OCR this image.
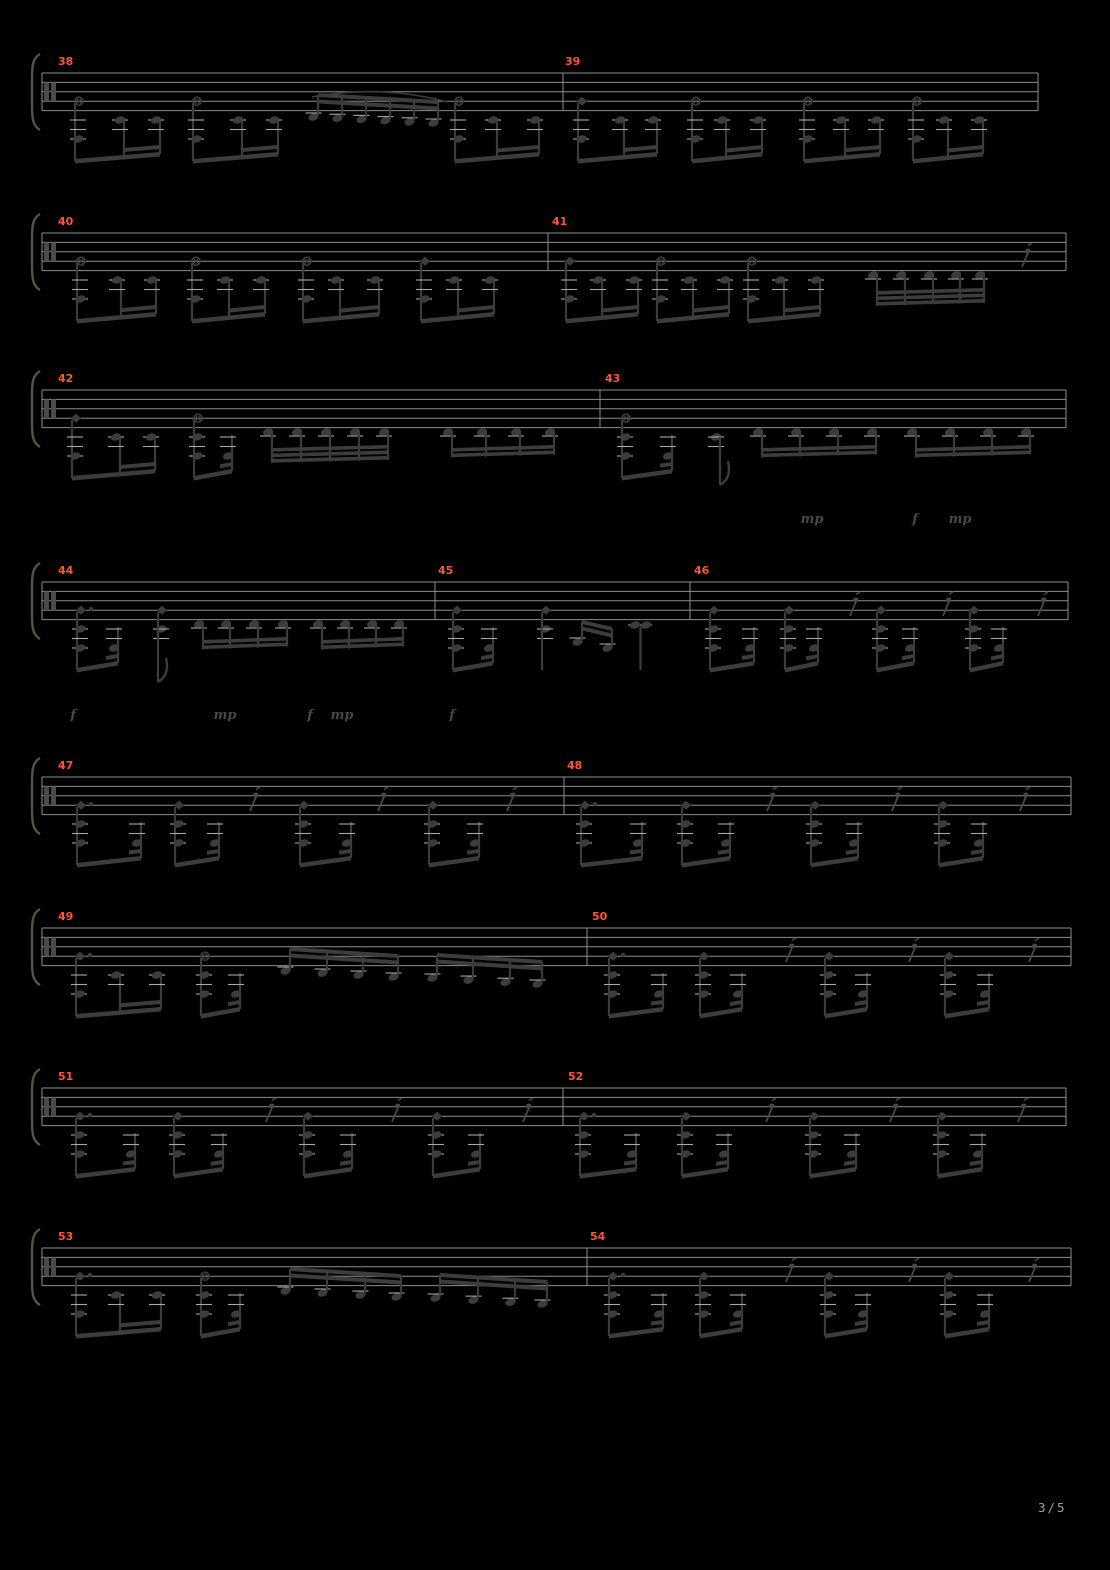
38	39
40	41
42	43
44	45	46
47	48
49	50
51	52
53	54
mp	f mp
f	mp	f mp	f
3/5
